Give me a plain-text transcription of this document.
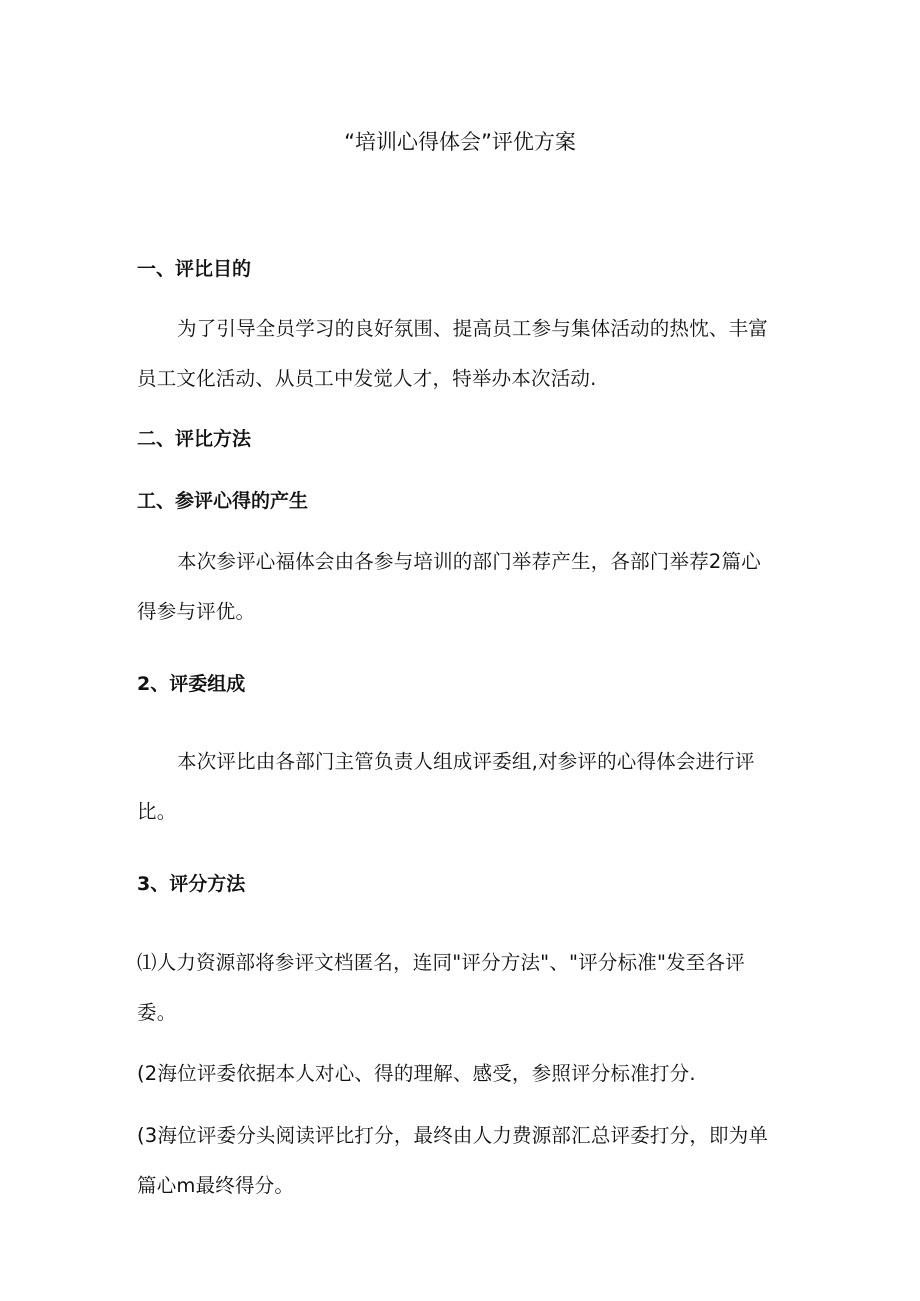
“培训心得体会”评优方案
一、评比目的
为了引导全员学习的良好氛围、提高员工参与集体活动的热忱、丰富
员工文化活动、从员工中发觉人才，特举办本次活动.
二、评比方法
工、参评心得的产生
本次参评心福体会由各参与培训的部门举荐产生，各部门举荐2篇心
得参与评优。
2、评委组成
本次评比由各部门主管负责人组成评委组,对参评的心得体会进行评
比。
3、评分方法
⑴人力资源部将参评文档匿名，连同"评分方法"、"评分标准"发至各评
委。
(2海位评委依据本人对心、得的理解、感受，参照评分标准打分.
(3海位评委分头阅读评比打分，最终由人力费源部汇总评委打分，即为单
篇心m最终得分。
